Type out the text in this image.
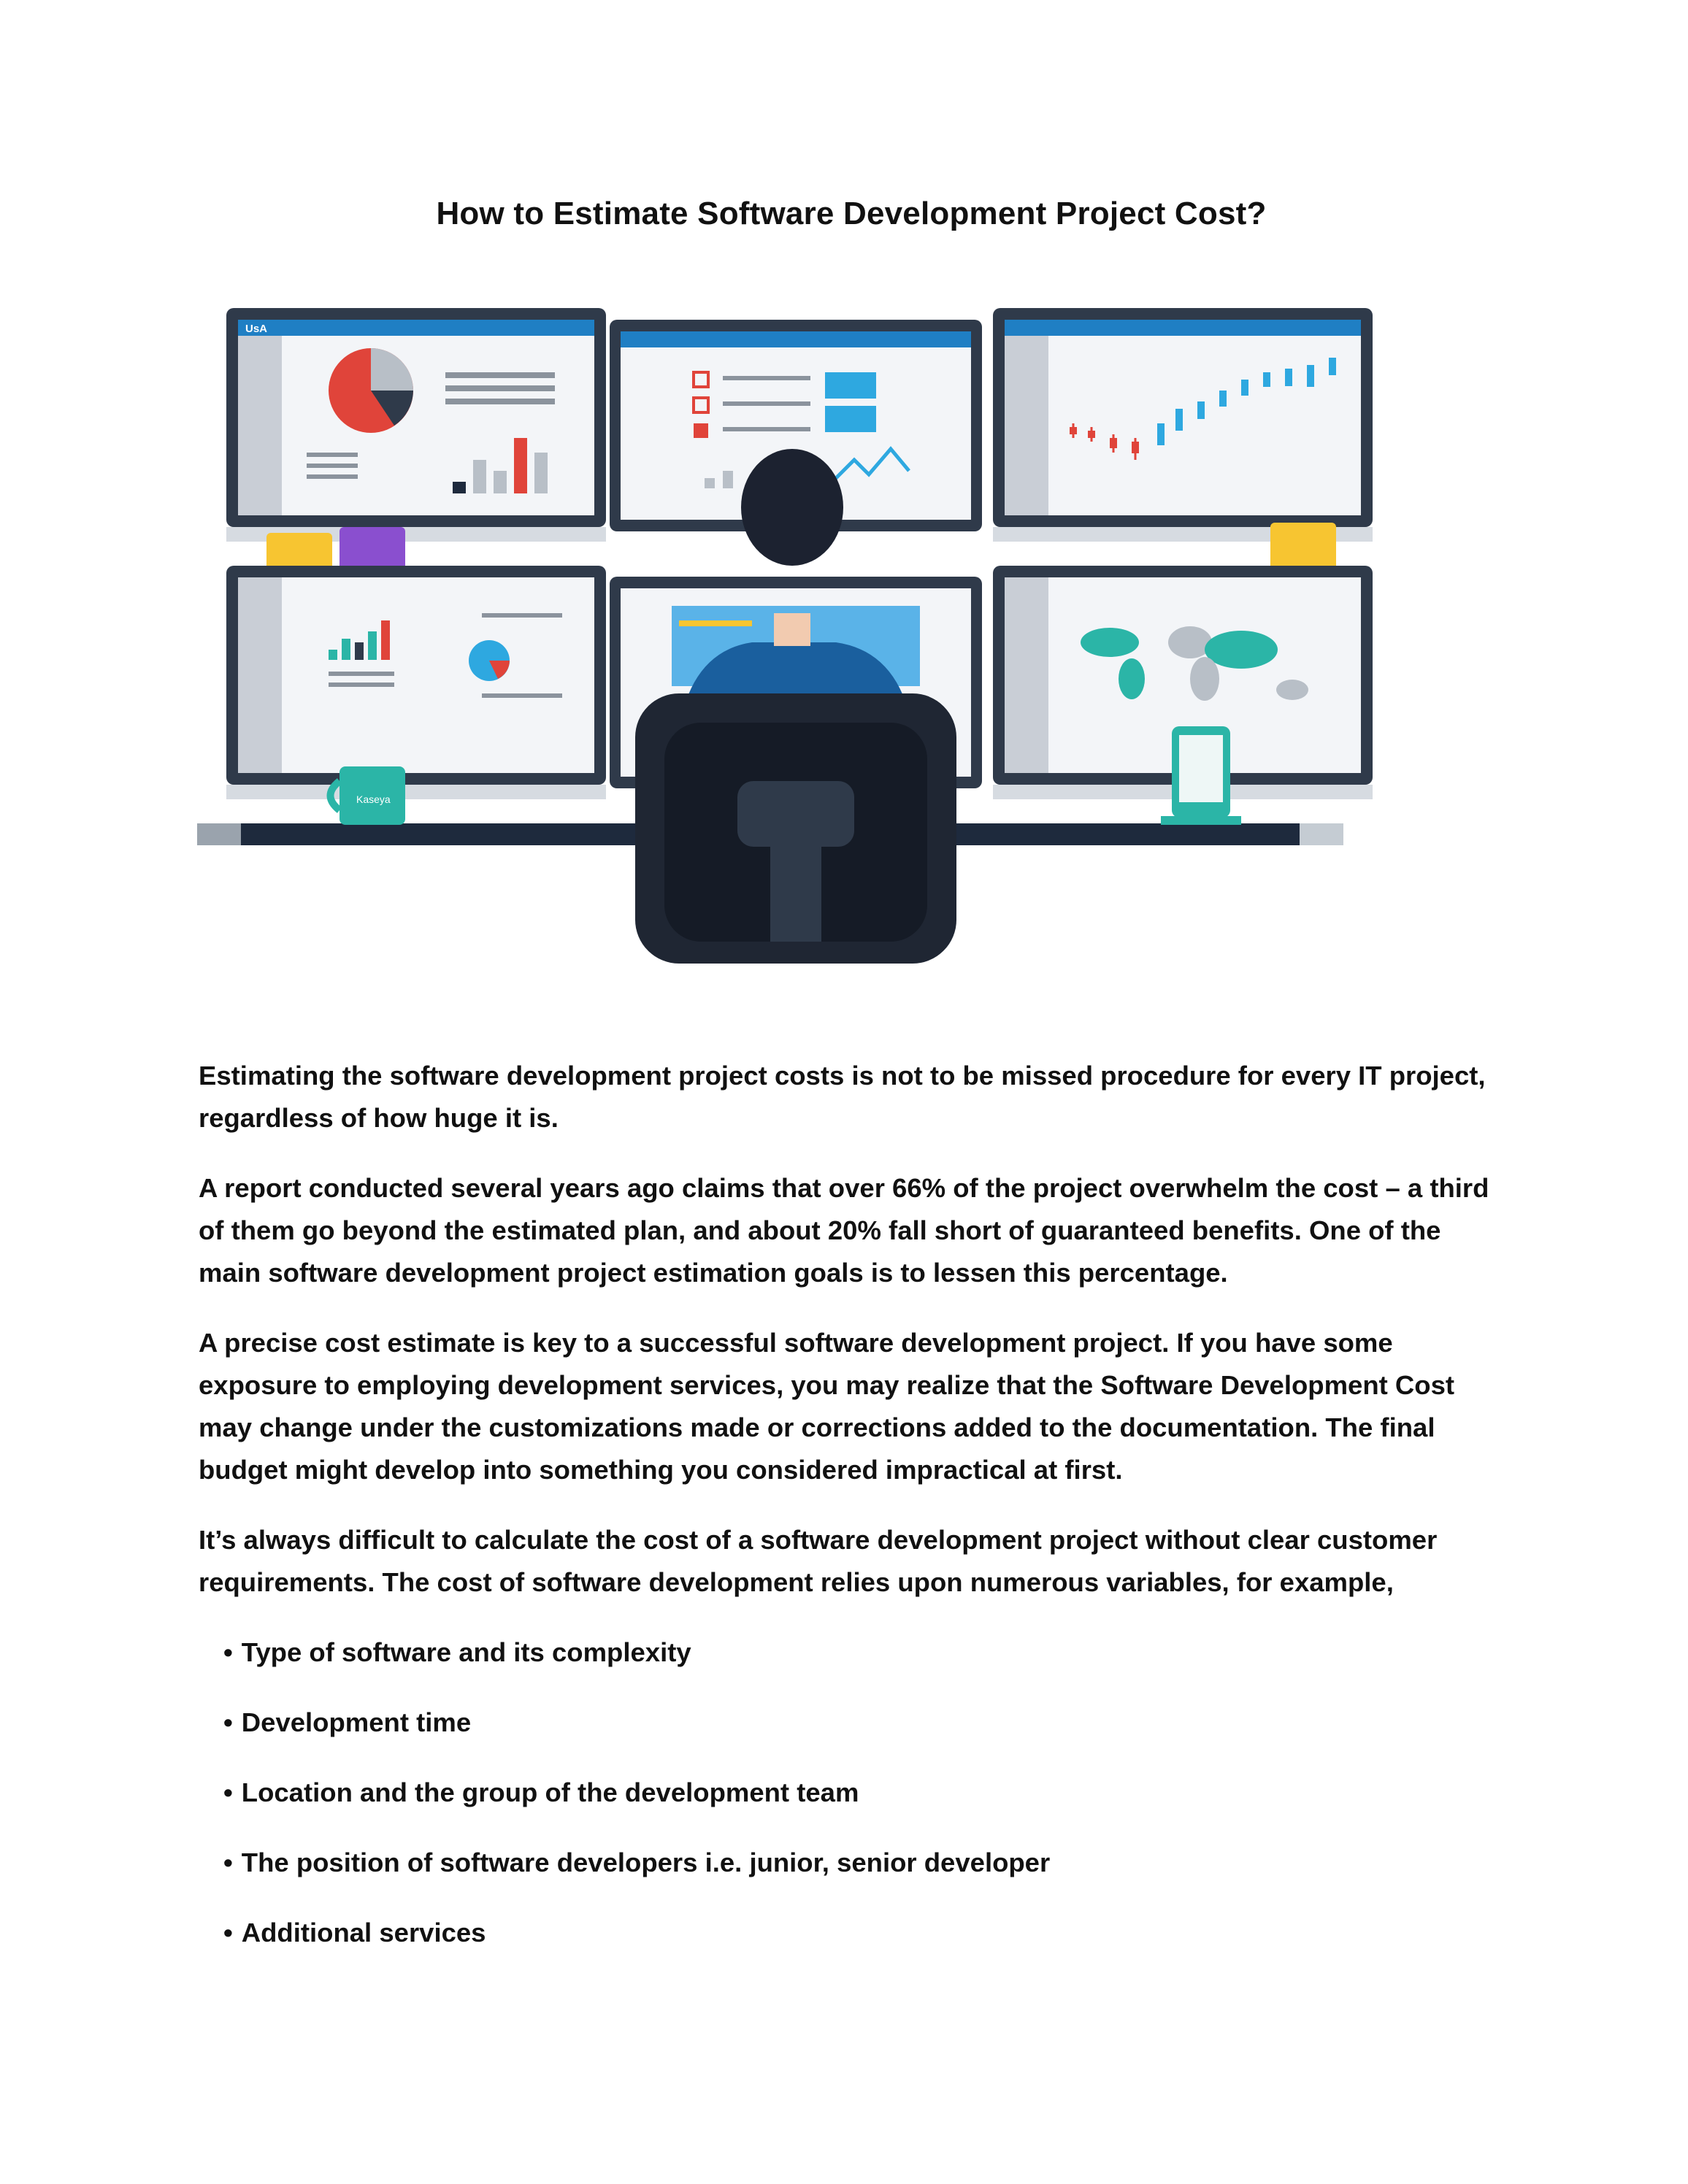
How to Estimate Software Development Project Cost?
UsA
Kaseya

Estimating the software development project costs is not to be missed procedure for every IT project, regardless of how huge it is.

A report conducted several years ago claims that over 66% of the project overwhelm the cost – a third of them go beyond the estimated plan, and about 20% fall short of guaranteed benefits. One of the main software development project estimation goals is to lessen this percentage.

A precise cost estimate is key to a successful software development project. If you have some exposure to employing development services, you may realize that the Software Development Cost may change under the customizations made or corrections added to the documentation. The final budget might develop into something you considered impractical at first.

It’s always difficult to calculate the cost of a software development project without clear customer requirements. The cost of software development relies upon numerous variables, for example,

• Type of software and its complexity
• Development time
• Location and the group of the development team
• The position of software developers i.e. junior, senior developer
• Additional services
